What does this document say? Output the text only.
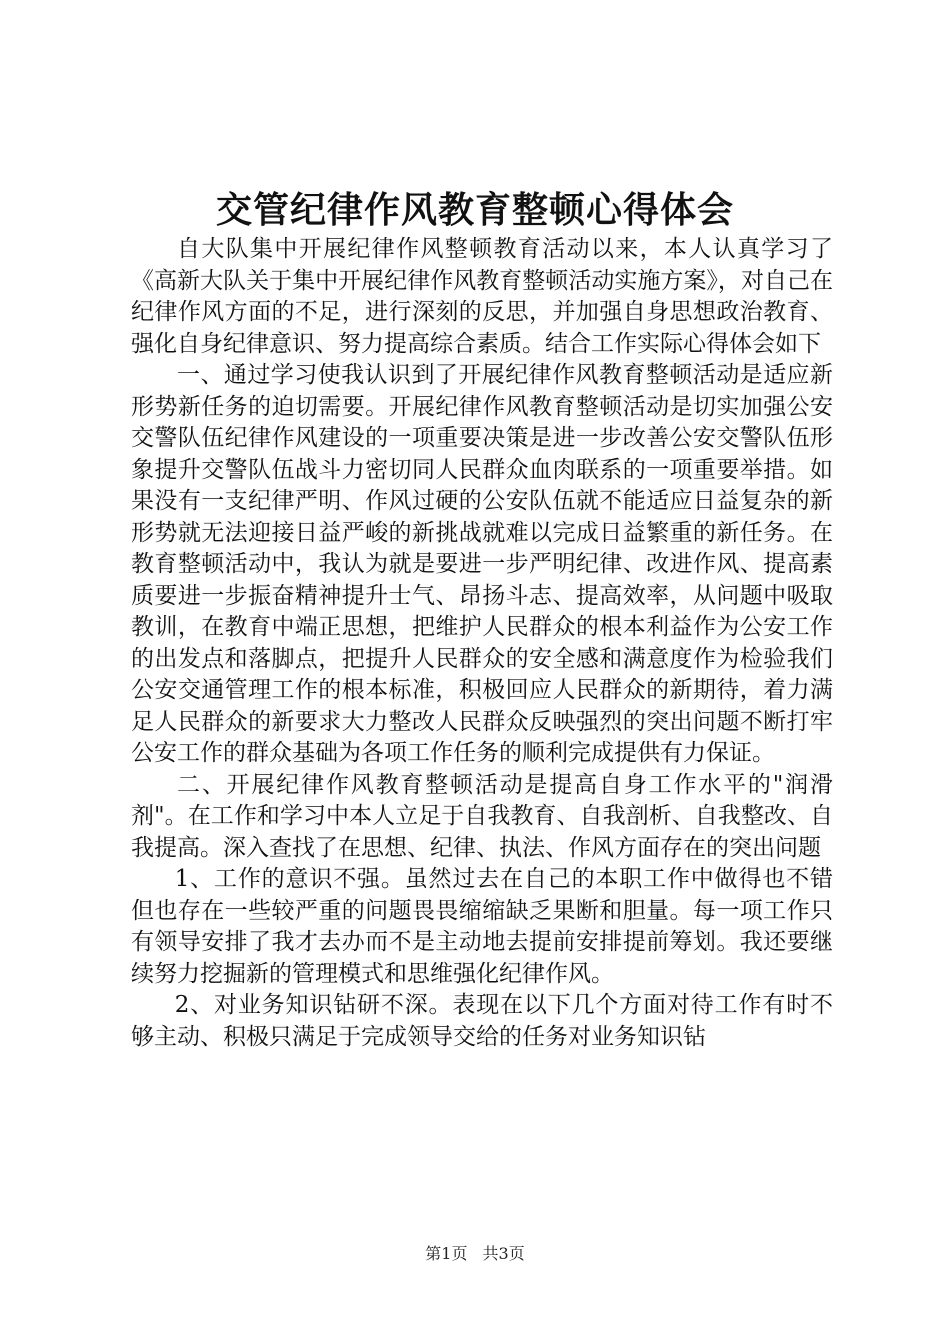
交管纪律作风教育整顿心得体会

自大队集中开展纪律作风整顿教育活动以来，本人认真学习了《高新大队关于集中开展纪律作风教育整顿活动实施方案》，对自己在纪律作风方面的不足，进行深刻的反思，并加强自身思想政治教育、强化自身纪律意识、努力提高综合素质。结合工作实际心得体会如下

一、通过学习使我认识到了开展纪律作风教育整顿活动是适应新形势新任务的迫切需要。开展纪律作风教育整顿活动是切实加强公安交警队伍纪律作风建设的一项重要决策是进一步改善公安交警队伍形象提升交警队伍战斗力密切同人民群众血肉联系的一项重要举措。如果没有一支纪律严明、作风过硬的公安队伍就不能适应日益复杂的新形势就无法迎接日益严峻的新挑战就难以完成日益繁重的新任务。在教育整顿活动中，我认为就是要进一步严明纪律、改进作风、提高素质要进一步振奋精神提升士气、昂扬斗志、提高效率，从问题中吸取教训，在教育中端正思想，把维护人民群众的根本利益作为公安工作的出发点和落脚点，把提升人民群众的安全感和满意度作为检验我们公安交通管理工作的根本标准，积极回应人民群众的新期待，着力满足人民群众的新要求大力整改人民群众反映强烈的突出问题不断打牢公安工作的群众基础为各项工作任务的顺利完成提供有力保证。

二、开展纪律作风教育整顿活动是提高自身工作水平的"润滑剂"。在工作和学习中本人立足于自我教育、自我剖析、自我整改、自我提高。深入查找了在思想、纪律、执法、作风方面存在的突出问题

1、工作的意识不强。虽然过去在自己的本职工作中做得也不错但也存在一些较严重的问题畏畏缩缩缺乏果断和胆量。每一项工作只有领导安排了我才去办而不是主动地去提前安排提前筹划。我还要继续努力挖掘新的管理模式和思维强化纪律作风。

2、对业务知识钻研不深。表现在以下几个方面对待工作有时不够主动、积极只满足于完成领导交给的任务对业务知识钻

第1页 共3页
